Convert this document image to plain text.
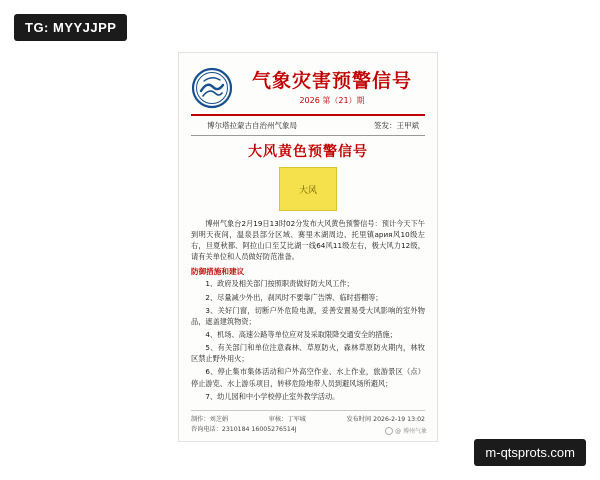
TG: MYYJJPP
m-qtsprots.com
气象灾害预警信号
2026 第（21）期
博尔塔拉蒙古自治州气象局	签发：王甲斌
大风黄色预警信号
大风

博州气象台2月19日13时02分发布大风黄色预警信号：预计今天下午到明天夜间，温泉县部分区域、赛里木湖周边、托里镇ария风10级左右，旦夏秋都、阿拉山口至艾比湖一线64风11级左右，极大风力12级，请有关单位和人员做好防范准备。

防御措施和建议

1、政府及相关部门按照职责做好防大风工作；

2、尽量减少外出，刹风时不要靠广告牌、临时搭棚等；

3、关好门窗，切断户外危险电源，妥善安置易受大风影响的室外物品，遮盖建筑物资；

4、机场、高速公路等单位应对及采取限降交通安全的措施；

5、有关部门和单位注意森林、草原防火，森林草原防火期内，林牧区禁止野外用火；

6、停止集市集体活动和户外高空作业、水上作业，旅游景区（点）停止游览、水上游乐项目，转移危险地带人员到避风场所避风；

7、幼儿园和中小学校停止室外教学活动。

制作：刘芝娟	审核：丁军城	发布时间 2026-2-19 13:02
咨询电话：2310184 16005276514J	@ 博州气象
